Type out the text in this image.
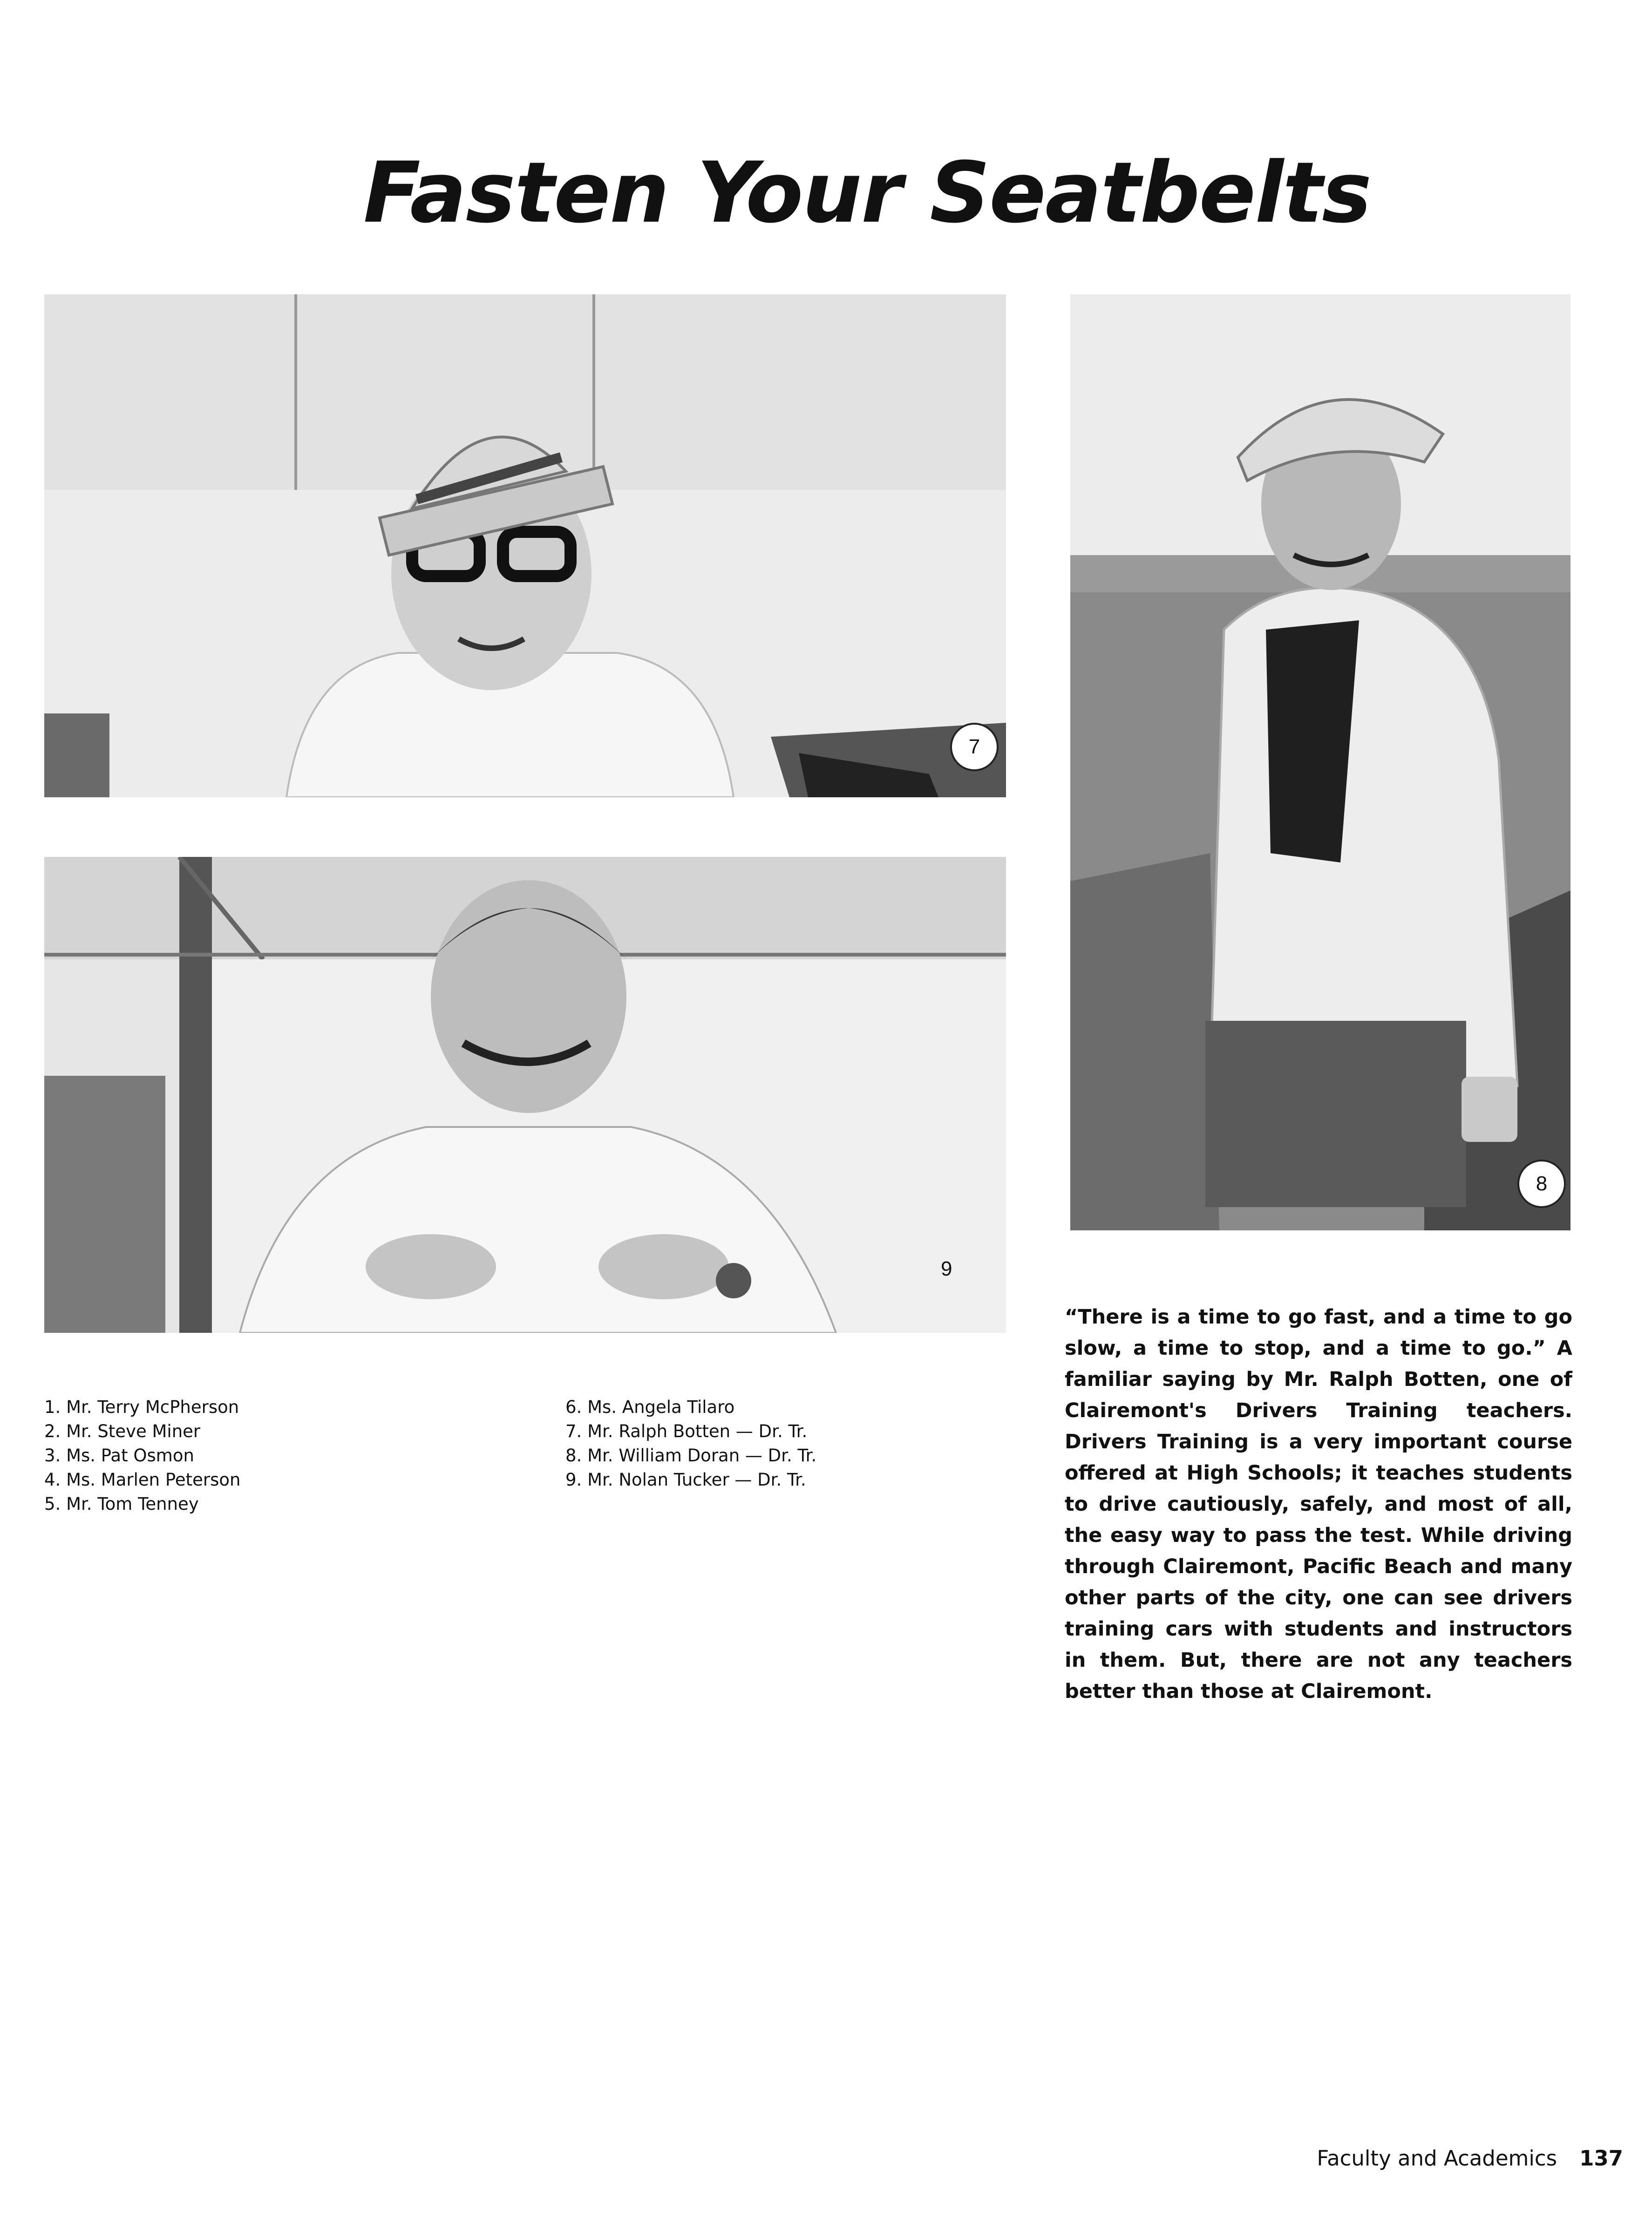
Fasten Your Seatbelts
7
9
8
1. Mr. Terry McPherson
2. Mr. Steve Miner
3. Ms. Pat Osmon
4. Ms. Marlen Peterson
5. Mr. Tom Tenney
6. Ms. Angela Tilaro
7. Mr. Ralph Botten — Dr. Tr.
8. Mr. William Doran — Dr. Tr.
9. Mr. Nolan Tucker — Dr. Tr.

“There is a time to go fast, and a time to go slow, a time to stop, and a time to go.” A familiar saying by Mr. Ralph Botten, one of Clairemont's Drivers Training teachers. Drivers Training is a very important course offered at High Schools; it teaches students to drive cautiously, safely, and most of all, the easy way to pass the test. While driving through Clairemont, Pacific Beach and many other parts of the city, one can see drivers training cars with students and instructors in them. But, there are not any teachers better than those at Clairemont.

Faculty and Academics 137
